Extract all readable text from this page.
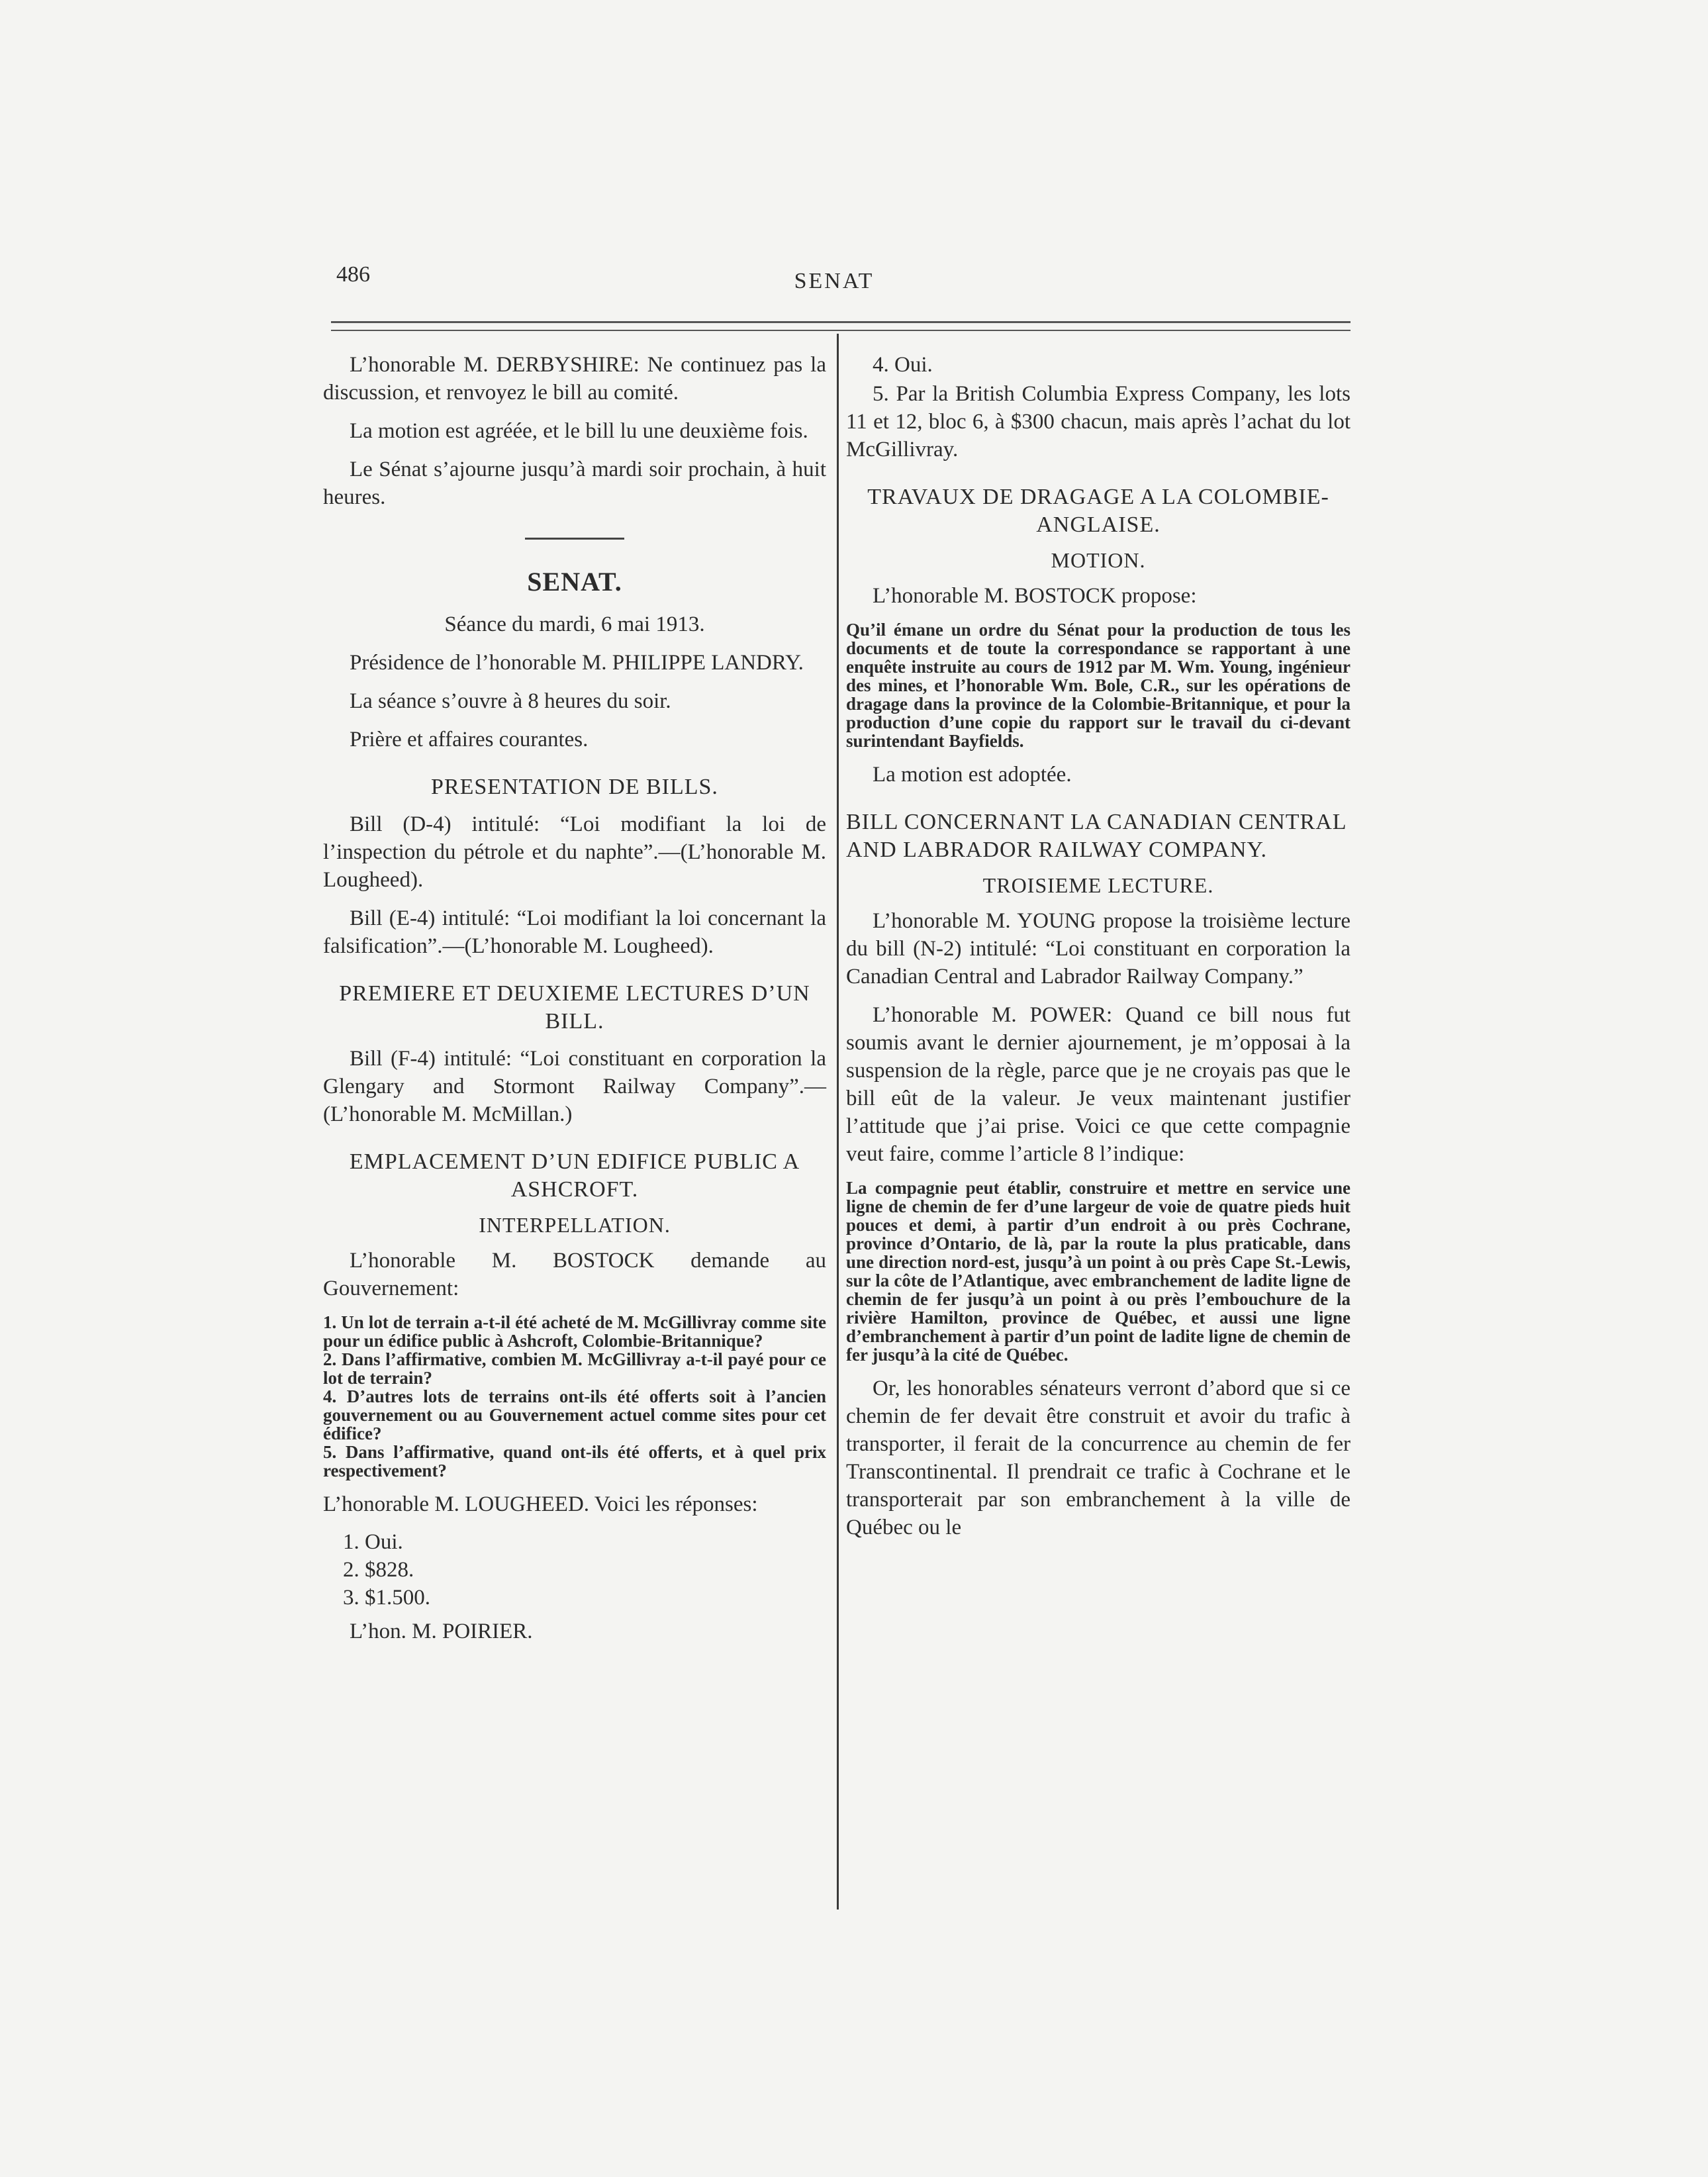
486	SENAT

L’honorable M. DERBYSHIRE: Ne continuez pas la discussion, et renvoyez le bill au comité.

La motion est agréée, et le bill lu une deuxième fois.

Le Sénat s’ajourne jusqu’à mardi soir prochain, à huit heures.

SENAT.

Séance du mardi, 6 mai 1913.

Présidence de l’honorable M. PHILIPPE LANDRY.

La séance s’ouvre à 8 heures du soir.

Prière et affaires courantes.

PRESENTATION DE BILLS.

Bill (D-4) intitulé: “Loi modifiant la loi de l’inspection du pétrole et du naphte”.—(L’honorable M. Lougheed).

Bill (E-4) intitulé: “Loi modifiant la loi concernant la falsification”.—(L’honorable M. Lougheed).

PREMIERE ET DEUXIEME LECTURES D’UN BILL.

Bill (F-4) intitulé: “Loi constituant en corporation la Glengary and Stormont Railway Company”.—(L’honorable M. McMillan.)

EMPLACEMENT D’UN EDIFICE PUBLIC A ASHCROFT.
INTERPELLATION.

L’honorable M. BOSTOCK demande au Gouvernement:

1. Un lot de terrain a-t-il été acheté de M. McGillivray comme site pour un édifice public à Ashcroft, Colombie-Britannique?
2. Dans l’affirmative, combien M. McGillivray a-t-il payé pour ce lot de terrain?
4. D’autres lots de terrains ont-ils été offerts soit à l’ancien gouvernement ou au Gouvernement actuel comme sites pour cet édifice?
5. Dans l’affirmative, quand ont-ils été offerts, et à quel prix respectivement?

L’honorable M. LOUGHEED. Voici les réponses:

1. Oui.
2. $828.
3. $1.500.

L’hon. M. POIRIER.

4. Oui.

5. Par la British Columbia Express Company, les lots 11 et 12, bloc 6, à $300 chacun, mais après l’achat du lot McGillivray.

TRAVAUX DE DRAGAGE A LA COLOMBIE-ANGLAISE.
MOTION.

L’honorable M. BOSTOCK propose:

Qu’il émane un ordre du Sénat pour la production de tous les documents et de toute la correspondance se rapportant à une enquête instruite au cours de 1912 par M. Wm. Young, ingénieur des mines, et l’honorable Wm. Bole, C.R., sur les opérations de dragage dans la province de la Colombie-Britannique, et pour la production d’une copie du rapport sur le travail du ci-devant surintendant Bayfields.

La motion est adoptée.

BILL CONCERNANT LA CANADIAN CENTRAL AND LABRADOR RAILWAY COMPANY.
TROISIEME LECTURE.

L’honorable M. YOUNG propose la troisième lecture du bill (N-2) intitulé: “Loi constituant en corporation la Canadian Central and Labrador Railway Company.”

L’honorable M. POWER: Quand ce bill nous fut soumis avant le dernier ajournement, je m’opposai à la suspension de la règle, parce que je ne croyais pas que le bill eût de la valeur. Je veux maintenant justifier l’attitude que j’ai prise. Voici ce que cette compagnie veut faire, comme l’article 8 l’indique:

La compagnie peut établir, construire et mettre en service une ligne de chemin de fer d’une largeur de voie de quatre pieds huit pouces et demi, à partir d’un endroit à ou près Cochrane, province d’Ontario, de là, par la route la plus praticable, dans une direction nord-est, jusqu’à un point à ou près Cape St.-Lewis, sur la côte de l’Atlantique, avec embranchement de ladite ligne de chemin de fer jusqu’à un point à ou près l’embouchure de la rivière Hamilton, province de Québec, et aussi une ligne d’embranchement à partir d’un point de ladite ligne de chemin de fer jusqu’à la cité de Québec.

Or, les honorables sénateurs verront d’abord que si ce chemin de fer devait être construit et avoir du trafic à transporter, il ferait de la concurrence au chemin de fer Transcontinental. Il prendrait ce trafic à Cochrane et le transporterait par son embranchement à la ville de Québec ou le
